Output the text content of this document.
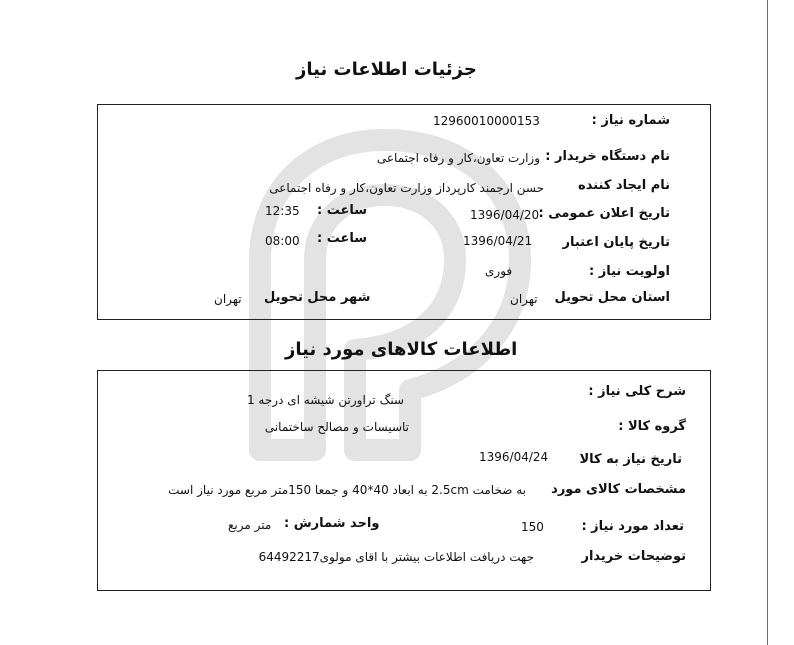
جزئیات اطلاعات نیاز
شماره نیاز :
12960010000153
نام دستگاه خریدار :
وزارت تعاون،کار و رفاه اجتماعی
نام ایجاد کننده
حسن ارجمند کارپرداز وزارت تعاون،کار و رفاه اجتماعی
تاریخ اعلان عمومی :
1396/04/20
ساعت :
12:35
تاریخ پایان اعتبار
1396/04/21
ساعت :
08:00
اولویت نیاز :
فوری
استان محل تحویل
تهران
شهر محل تحویل
تهران
اطلاعات کالاهای مورد نیاز
شرح کلی نیاز :
سنگ تراورتن شیشه ای درجه 1
گروه کالا :
تاسیسات و مصالح ساختمانی
تاریخ نیاز به کالا
1396/04/24
مشخصات کالای مورد
به ضخامت 2.5cm به ابعاد 40*40 و جمعا 150متر مربع مورد نیاز است
تعداد مورد نیاز :
150
واحد شمارش :
متر مربع
توضیحات خریدار
جهت دریافت اطلاعات بیشتر با اقای مولوی64492217
